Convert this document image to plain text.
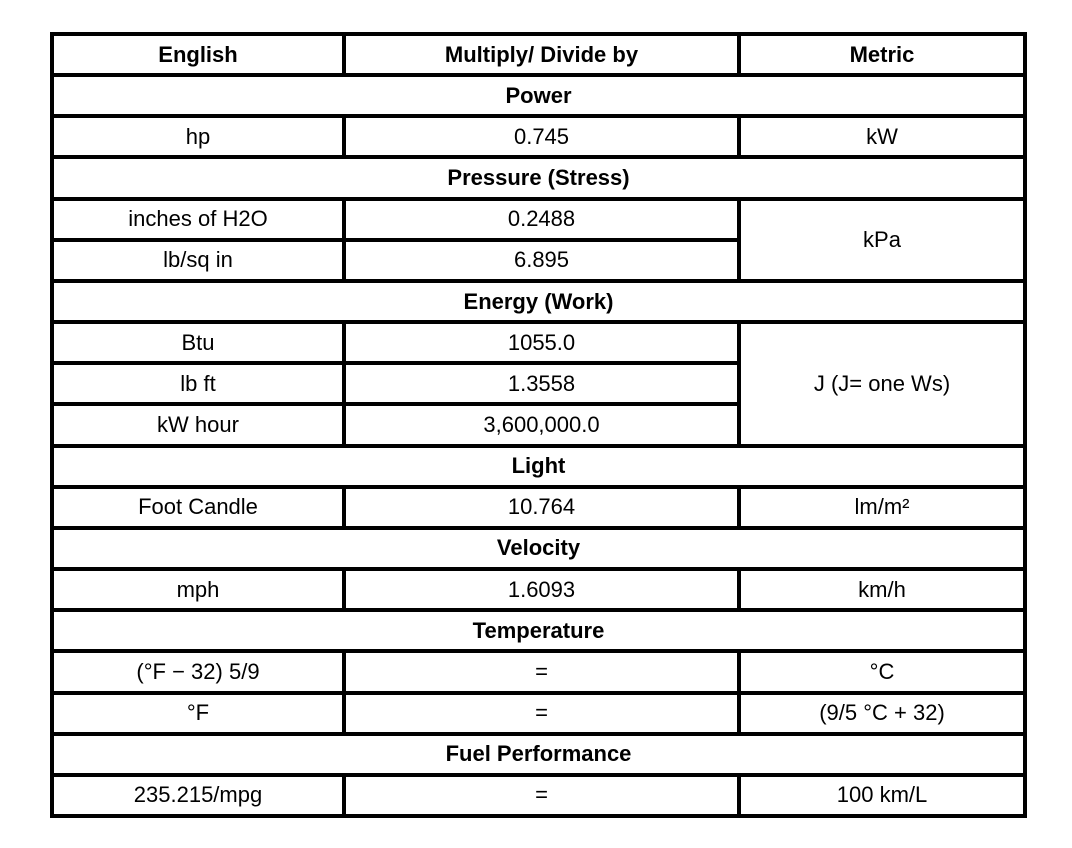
English	Multiply/ Divide by	Metric
Power		
hp	0.745	kW
Pressure (Stress)		
inches of H2O	0.2488	kPa
lb/sq in	6.895	
Energy (Work)		
Btu	1055.0	J (J= one Ws)
lb ft	1.3558	
kW hour	3,600,000.0	
Light		
Foot Candle	10.764	lm/m²
Velocity		
mph	1.6093	km/h
Temperature		
(°F − 32) 5/9	=	°C
°F	=	(9/5 °C + 32)
Fuel Performance		
235.215/mpg	=	100 km/L
